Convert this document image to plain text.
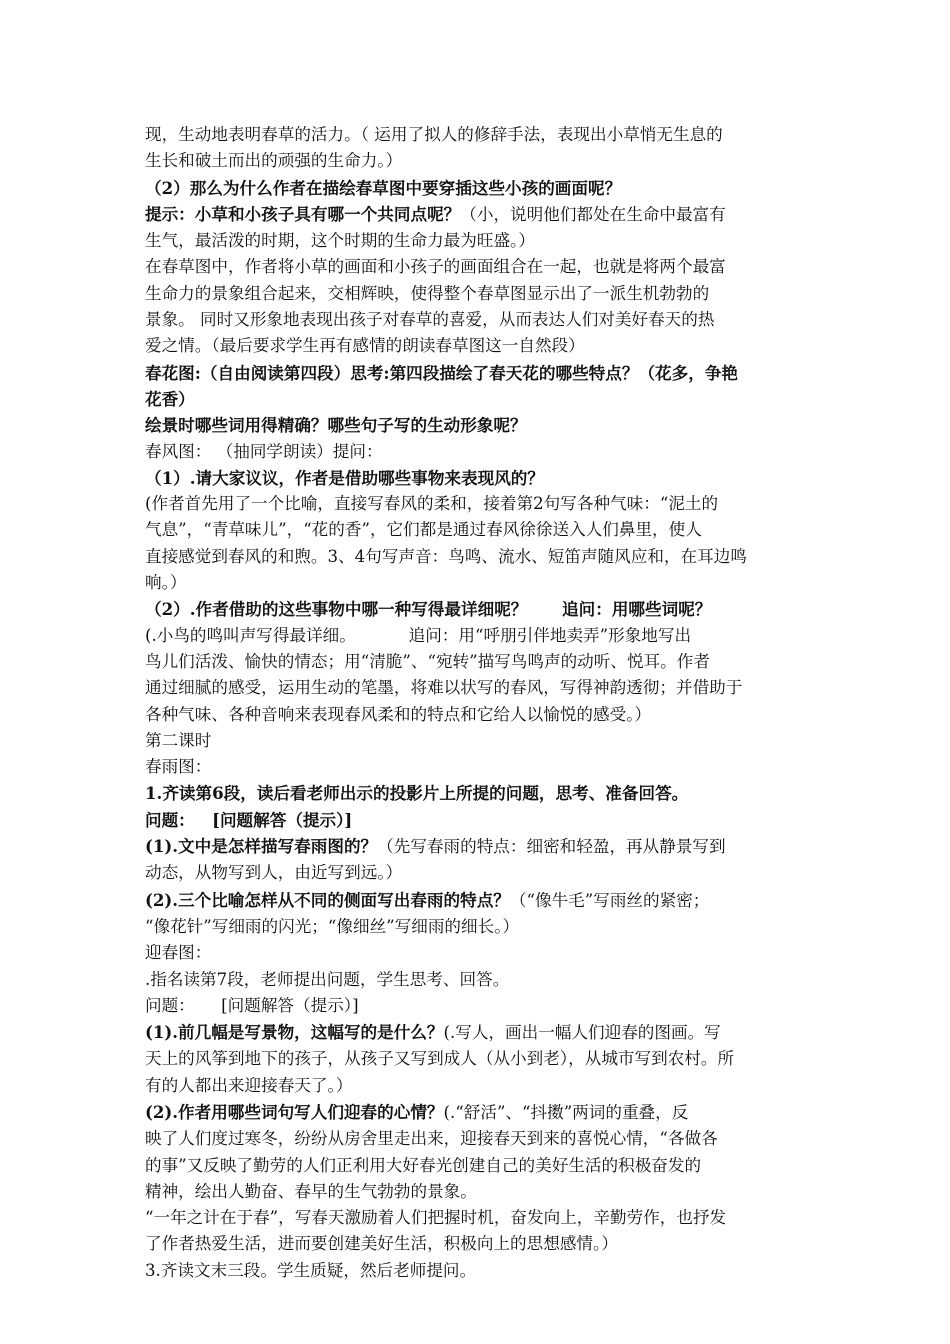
现，生动地表明春草的活力。（ 运用了拟人的修辞手法，表现出小草悄无生息的

生长和破土而出的顽强的生命力。）

（2）那么为什么作者在描绘春草图中要穿插这些小孩的画面呢？

提示：小草和小孩子具有哪一个共同点呢？（小，说明他们都处在生命中最富有

生气，最活泼的时期，这个时期的生命力最为旺盛。）

在春草图中，作者将小草的画面和小孩子的画面组合在一起，也就是将两个最富

生命力的景象组合起来，交相辉映，使得整个春草图显示出了一派生机勃勃的

景象。 同时又形象地表现出孩子对春草的喜爱，从而表达人们对美好春天的热

爱之情。（最后要求学生再有感情的朗读春草图这一自然段）

春花图:（自由阅读第四段）思考:第四段描绘了春天花的哪些特点？（花多，争艳

花香）

绘景时哪些词用得精确？哪些句子写的生动形象呢？

春风图： （抽同学朗读）提问：

（1）.请大家议议，作者是借助哪些事物来表现风的？

(作者首先用了一个比喻，直接写春风的柔和，接着第2句写各种气味：“泥土的

气息”，“青草味儿”，“花的香”，它们都是通过春风徐徐送入人们鼻里，使人

直接感觉到春风的和煦。3、4句写声音：鸟鸣、流水、短笛声随风应和，在耳边鸣

响。）

（2）.作者借助的这些事物中哪一种写得最详细呢？      追问：用哪些词呢？

(.小鸟的鸣叫声写得最详细。          追问：用“呼朋引伴地卖弄”形象地写出

鸟儿们活泼、愉快的情态；用“清脆”、“宛转”描写鸟鸣声的动听、悦耳。作者

通过细腻的感受，运用生动的笔墨，将难以状写的春风，写得神韵透彻；并借助于

各种气味、各种音响来表现春风柔和的特点和它给人以愉悦的感受。）

第二课时

春雨图：

1.齐读第6段，读后看老师出示的投影片上所提的问题，思考、准备回答。

问题：   [问题解答（提示）]

(1).文中是怎样描写春雨图的？（先写春雨的特点：细密和轻盈，再从静景写到

动态，从物写到人，由近写到远。）

(2).三个比喻怎样从不同的侧面写出春雨的特点？（“像牛毛”写雨丝的紧密；

“像花针”写细雨的闪光；“像细丝”写细雨的细长。）

迎春图：

.指名读第7段，老师提出问题，学生思考、回答。

问题：     [问题解答（提示）]

(1).前几幅是写景物，这幅写的是什么？(.写人，画出一幅人们迎春的图画。写

天上的风筝到地下的孩子，从孩子又写到成人（从小到老），从城市写到农村。所

有的人都出来迎接春天了。）

(2).作者用哪些词句写人们迎春的心情？(.“舒活”、“抖擞”两词的重叠，反

映了人们度过寒冬，纷纷从房舍里走出来，迎接春天到来的喜悦心情，“各做各

的事”又反映了勤劳的人们正利用大好春光创建自己的美好生活的积极奋发的

精神，绘出人勤奋、春早的生气勃勃的景象。

“一年之计在于春”，写春天激励着人们把握时机，奋发向上，辛勤劳作，也抒发

了作者热爱生活，进而要创建美好生活，积极向上的思想感情。）

3.齐读文末三段。学生质疑，然后老师提问。
